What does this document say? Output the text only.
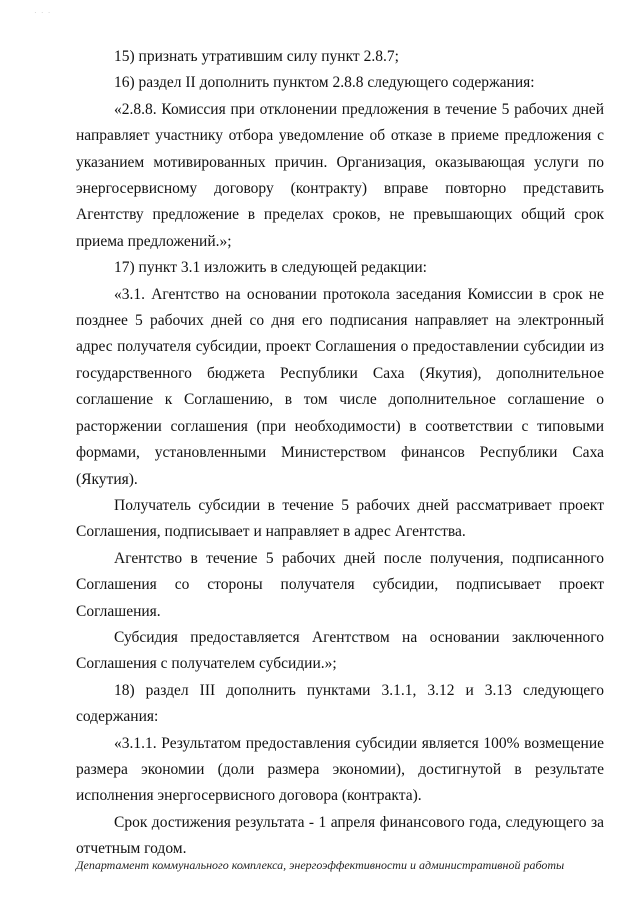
· · ·

15) признать утратившим силу пункт 2.8.7;

16) раздел II дополнить пунктом 2.8.8 следующего содержания:

«2.8.8. Комиссия при отклонении предложения в течение 5 рабочих дней направляет участнику отбора уведомление об отказе в приеме предложения с указанием мотивированных причин. Организация, оказывающая услуги по энергосервисному договору (контракту) вправе повторно представить Агентству предложение в пределах сроков, не превышающих общий срок приема предложений.»;

17) пункт 3.1 изложить в следующей редакции:

«3.1. Агентство на основании протокола заседания Комиссии в срок не позднее 5 рабочих дней со дня его подписания направляет на электронный адрес получателя субсидии, проект Соглашения о предоставлении субсидии из государственного бюджета Республики Саха (Якутия), дополнительное соглашение к Соглашению, в том числе дополнительное соглашение о расторжении соглашения (при необходимости) в соответствии с типовыми формами, установленными Министерством финансов Республики Саха (Якутия).

Получатель субсидии в течение 5 рабочих дней рассматривает проект Соглашения, подписывает и направляет в адрес Агентства.

Агентство в течение 5 рабочих дней после получения, подписанного Соглашения со стороны получателя субсидии, подписывает проект Соглашения.

Субсидия предоставляется Агентством на основании заключенного Соглашения с получателем субсидии.»;

18) раздел III дополнить пунктами 3.1.1, 3.12 и 3.13 следующего содержания:

«3.1.1. Результатом предоставления субсидии является 100% возмещение размера экономии (доли размера экономии), достигнутой в результате исполнения энергосервисного договора (контракта).

Срок достижения результата - 1 апреля финансового года, следующего за отчетным годом.

Департамент коммунального комплекса, энергоэффективности и административной работы
